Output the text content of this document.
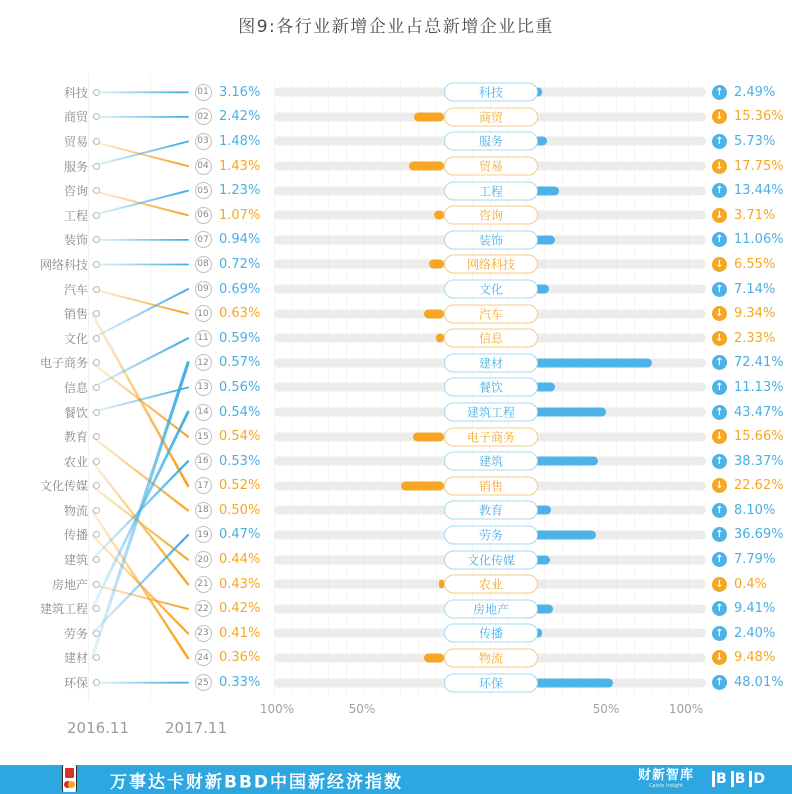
图9:各行业新增企业占总新增企业比重
科技	01 3.16%	科技	↑ 2.49%
商贸	02 2.42%	商贸	↓ 15.36%
贸易	03 1.48%	服务	↑ 5.73%
服务	04 1.43%	贸易	↓ 17.75%
咨询	05 1.23%	工程	↑ 13.44%
工程	06 1.07%	咨询	↓ 3.71%
装饰	07 0.94%	装饰	↑ 11.06%
网络科技	08 0.72%	网络科技	↓ 6.55%
汽车	09 0.69%	文化	↑ 7.14%
销售	10 0.63%	汽车	↓ 9.34%
文化	11 0.59%	信息	↓ 2.33%
电子商务	12 0.57%	建材	↑ 72.41%
信息	13 0.56%	餐饮	↑ 11.13%
餐饮	14 0.54%	建筑工程	↑ 43.47%
教育	15 0.54%	电子商务	↓ 15.66%
农业	16 0.53%	建筑	↑ 38.37%
文化传媒	17 0.52%	销售	↓ 22.62%
物流	18 0.50%	教育	↑ 8.10%
传播	19 0.47%	劳务	↑ 36.69%
建筑	20 0.44%	文化传媒	↑ 7.79%
房地产	21 0.43%	农业	↓ 0.4%
建筑工程	22 0.42%	房地产	↑ 9.41%
劳务	23 0.41%	传播	↑ 2.40%
建材	24 0.36%	物流	↓ 9.48%
环保	25 0.33%	环保	↑ 48.01%
100%	50%	50%	100%
2016.11 2017.11
万事达卡财新BBD中国新经济指数	财新智库
Caixin Insight	B B D
